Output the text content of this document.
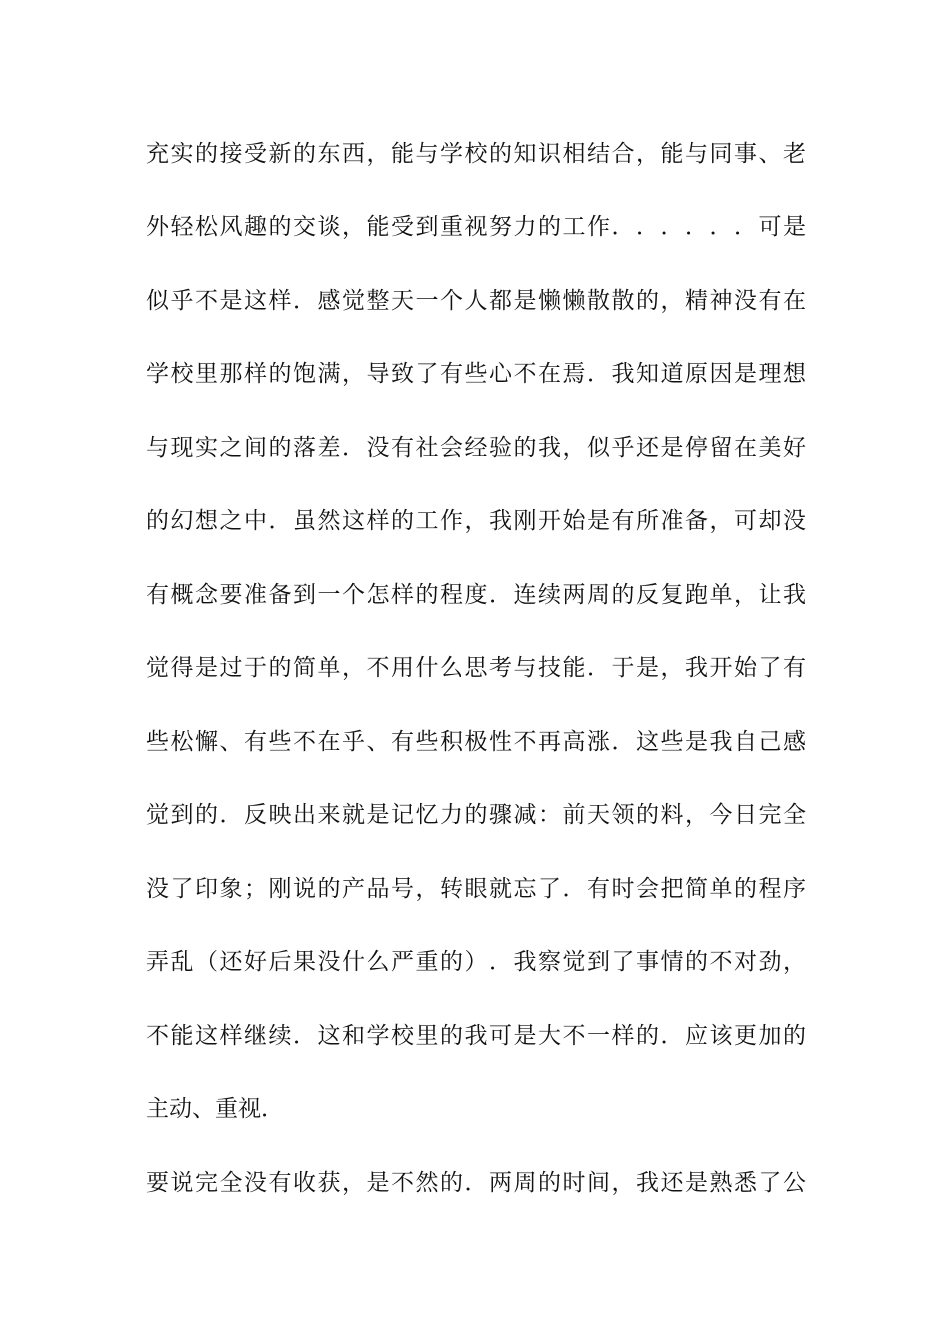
充 实 的 接 受 新 的 东 西 ， 能 与 学 校 的 知 识 相 结 合 ， 能 与 同 事 、 老
外 轻 松 风 趣 的 交 谈 ， 能 受 到 重 视 努 力 的 工 作 ． ． ． ． ． ． 可 是
似 乎 不 是 这 样 ． 感 觉 整 天 一 个 人 都 是 懒 懒 散 散 的 ， 精 神 没 有 在
学 校 里 那 样 的 饱 满 ， 导 致 了 有 些 心 不 在 焉 ． 我 知 道 原 因 是 理 想
与 现 实 之 间 的 落 差 ． 没 有 社 会 经 验 的 我 ， 似 乎 还 是 停 留 在 美 好
的 幻 想 之 中 ． 虽 然 这 样 的 工 作 ， 我 刚 开 始 是 有 所 准 备 ， 可 却 没
有 概 念 要 准 备 到 一 个 怎 样 的 程 度 ． 连 续 两 周 的 反 复 跑 单 ， 让 我
觉 得 是 过 于 的 简 单 ， 不 用 什 么 思 考 与 技 能 ． 于 是 ， 我 开 始 了 有
些 松 懈 、 有 些 不 在 乎 、 有 些 积 极 性 不 再 高 涨 ． 这 些 是 我 自 己 感
觉 到 的 ． 反 映 出 来 就 是 记 忆 力 的 骤 减 ： 前 天 领 的 料 ， 今 日 完 全
没 了 印 象 ； 刚 说 的 产 品 号 ， 转 眼 就 忘 了 ． 有 时 会 把 简 单 的 程 序
弄 乱 （ 还 好 后 果 没 什 么 严 重 的 ） ． 我 察 觉 到 了 事 情 的 不 对 劲 ，
不 能 这 样 继 续 ． 这 和 学 校 里 的 我 可 是 大 不 一 样 的 ． 应 该 更 加 的
主动、重视．
要 说 完 全 没 有 收 获 ， 是 不 然 的 ． 两 周 的 时 间 ， 我 还 是 熟 悉 了 公
